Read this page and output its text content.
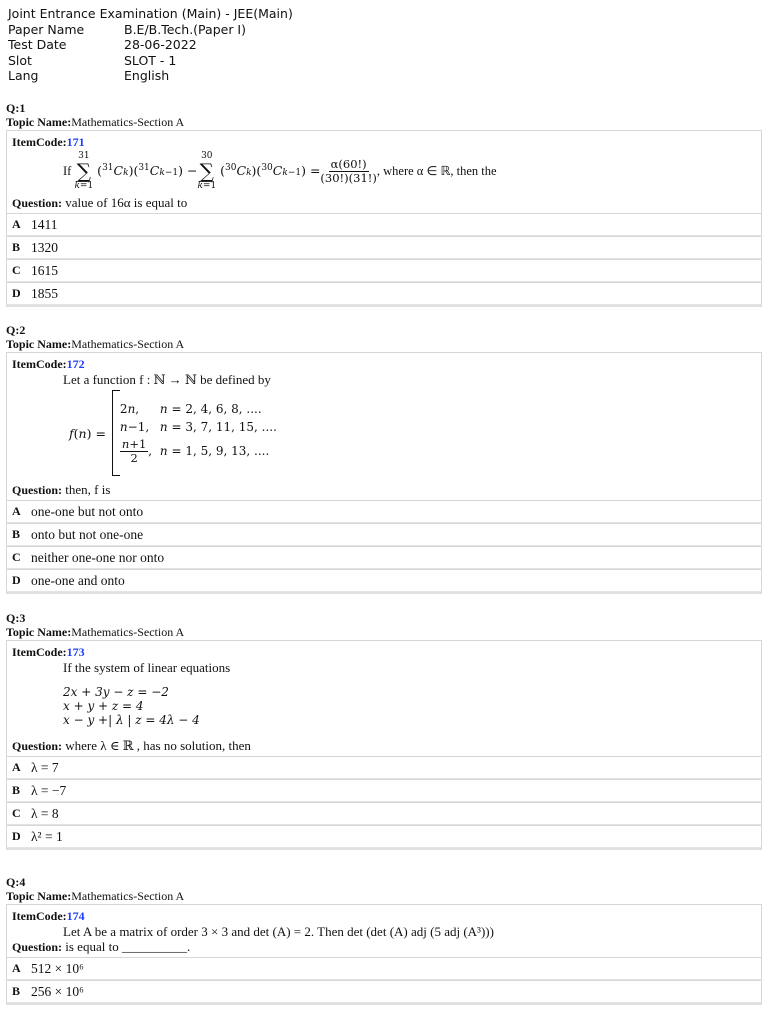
Joint Entrance Examination (Main) - JEE(Main)
Paper Name	B.E/B.Tech.(Paper I)
Test Date	28-06-2022
Slot	SLOT - 1
Lang	English
Q:1
Topic Name:Mathematics-Section A
ItemCode:171
If
31
∑
k=1
($^{31}$Ck)($^{31}$Ck−1) −
30
∑
k=1
$(^{30}Ck)(^{30}Ck-1) = \frac{\alpha(60!)}{(30!)(31!)}$ , where α ∈ ℝ, then the
Question: value of 16α is equal to
A 1411
B 1320
C 1615
D 1855
Q:2
Topic Name:Mathematics-Section A
ItemCode:172
Let a function f : ℕ → ℕ be defined by
f(n) =
2n,	n = 2, 4, 6, 8, ....
n−1, n = 3, 7, 11, 15, ....
$\frac{n+1}{2}$ , n = 1, 5, 9, 13, ....
Question: then, f is
A one-one but not onto
B onto but not one-one
C neither one-one nor onto
D one-one and onto
Q:3
Topic Name:Mathematics-Section A
ItemCode:173
If the system of linear equations
2x + 3y − z = −2
x + y + z = 4
x − y +| λ | z = 4λ − 4
Question: where λ ∈ ℝ , has no solution, then
A λ = 7
B λ = −7
C λ = 8
D λ² = 1
Q:4
Topic Name:Mathematics-Section A
ItemCode:174
Let A be a matrix of order 3 × 3 and det (A) = 2. Then det (det (A) adj (5 adj (A³)))
Question: is equal to __________.
A 512 × 10⁶
B 256 × 10⁶
